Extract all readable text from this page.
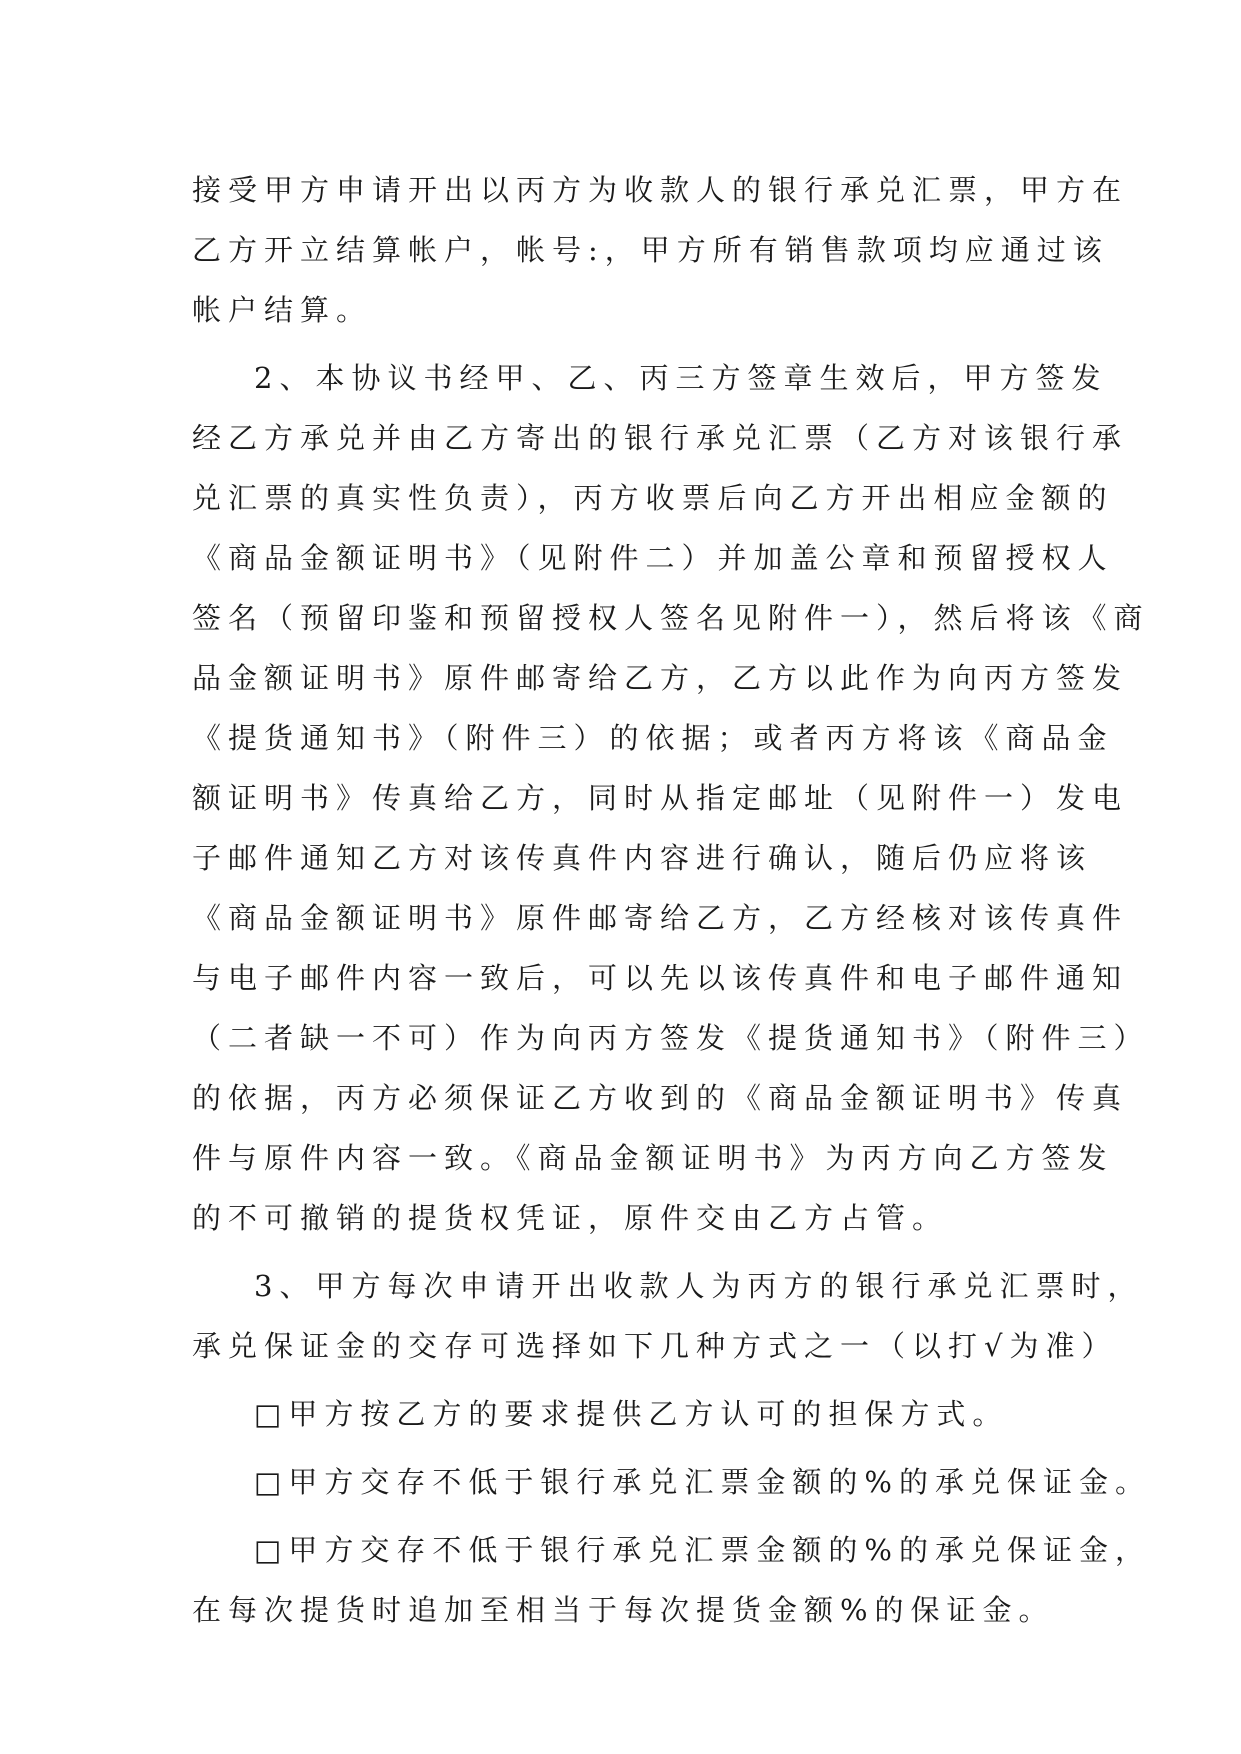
接受甲方申请开出以丙方为收款人的银行承兑汇票，甲方在
乙方开立结算帐户，帐号:，甲方所有销售款项均应通过该
帐户结算。
2、本协议书经甲、乙、丙三方签章生效后，甲方签发
经乙方承兑并由乙方寄出的银行承兑汇票（乙方对该银行承
兑汇票的真实性负责），丙方收票后向乙方开出相应金额的
《商品金额证明书》（见附件二）并加盖公章和预留授权人
签名（预留印鉴和预留授权人签名见附件一），然后将该《商
品金额证明书》原件邮寄给乙方，乙方以此作为向丙方签发
《提货通知书》（附件三）的依据；或者丙方将该《商品金
额证明书》传真给乙方，同时从指定邮址（见附件一）发电
子邮件通知乙方对该传真件内容进行确认，随后仍应将该
《商品金额证明书》原件邮寄给乙方，乙方经核对该传真件
与电子邮件内容一致后，可以先以该传真件和电子邮件通知
（二者缺一不可）作为向丙方签发《提货通知书》（附件三）
的依据，丙方必须保证乙方收到的《商品金额证明书》传真
件与原件内容一致。《商品金额证明书》为丙方向乙方签发
的不可撤销的提货权凭证，原件交由乙方占管。
3、甲方每次申请开出收款人为丙方的银行承兑汇票时，
承兑保证金的交存可选择如下几种方式之一（以打√为准）
□甲方按乙方的要求提供乙方认可的担保方式。
□甲方交存不低于银行承兑汇票金额的%的承兑保证金。
□甲方交存不低于银行承兑汇票金额的%的承兑保证金，
在每次提货时追加至相当于每次提货金额%的保证金。
